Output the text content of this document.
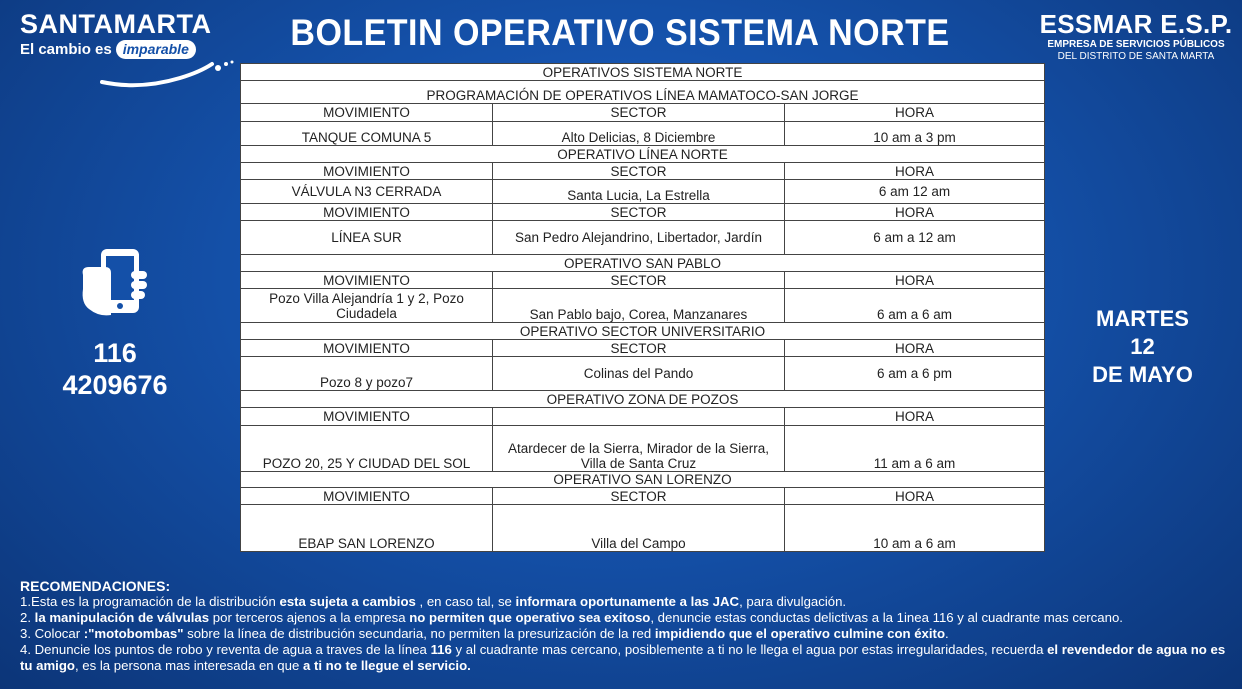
SANTAMARTA
El cambio es imparable	BOLETIN OPERATIVO SISTEMA NORTE	ESSMAR E.S.P.
EMPRESA DE SERVICIOS PÚBLICOS
DEL DISTRITO DE SANTA MARTA
116
4209676
MARTES
12
DE MAYO
OPERATIVOS SISTEMA NORTE		
PROGRAMACIÓN DE OPERATIVOS LÍNEA MAMATOCO-SAN JORGE		
MOVIMIENTO	SECTOR	HORA
TANQUE COMUNA 5	Alto Delicias, 8 Diciembre	10 am a 3 pm
OPERATIVO LÍNEA NORTE		
MOVIMIENTO	SECTOR	HORA
VÁLVULA N3 CERRADA	Santa Lucia, La Estrella	6 am 12 am
MOVIMIENTO	SECTOR	HORA
LÍNEA SUR	San Pedro Alejandrino, Libertador, Jardín	6 am a 12 am
OPERATIVO SAN PABLO		
MOVIMIENTO	SECTOR	HORA
Pozo Villa Alejandría 1 y 2, Pozo Ciudadela	San Pablo bajo, Corea, Manzanares	6 am a 6 am
OPERATIVO SECTOR UNIVERSITARIO		
MOVIMIENTO	SECTOR	HORA
Pozo 8 y pozo7	Colinas del Pando	6 am a 6 pm
OPERATIVO ZONA DE POZOS		
MOVIMIENTO		HORA
POZO 20, 25 Y CIUDAD DEL SOL	Atardecer de la Sierra, Mirador de la Sierra, Villa de Santa Cruz	11 am a 6 am
OPERATIVO SAN LORENZO		
MOVIMIENTO	SECTOR	HORA
EBAP SAN LORENZO	Villa del Campo	10 am a 6 am
RECOMENDACIONES:
1.Esta es la programación de la distribución esta sujeta a cambios , en caso tal, se informara oportunamente a las JAC, para divulgación.
2. la manipulación de válvulas por terceros ajenos a la empresa no permiten que operativo sea exitoso, denuncie estas conductas delictivas a la 1inea 116 y al cuadrante mas cercano.
3. Colocar :"motobombas" sobre la línea de distribución secundaria, no permiten la presurización de la red impidiendo que el operativo culmine con éxito.
4. Denuncie los puntos de robo y reventa de agua a traves de la línea 116 y al cuadrante mas cercano, posiblemente a ti no le llega el agua por estas irregularidades, recuerda el revendedor de agua no es tu amigo, es la persona mas interesada en que a ti no te llegue el servicio.
